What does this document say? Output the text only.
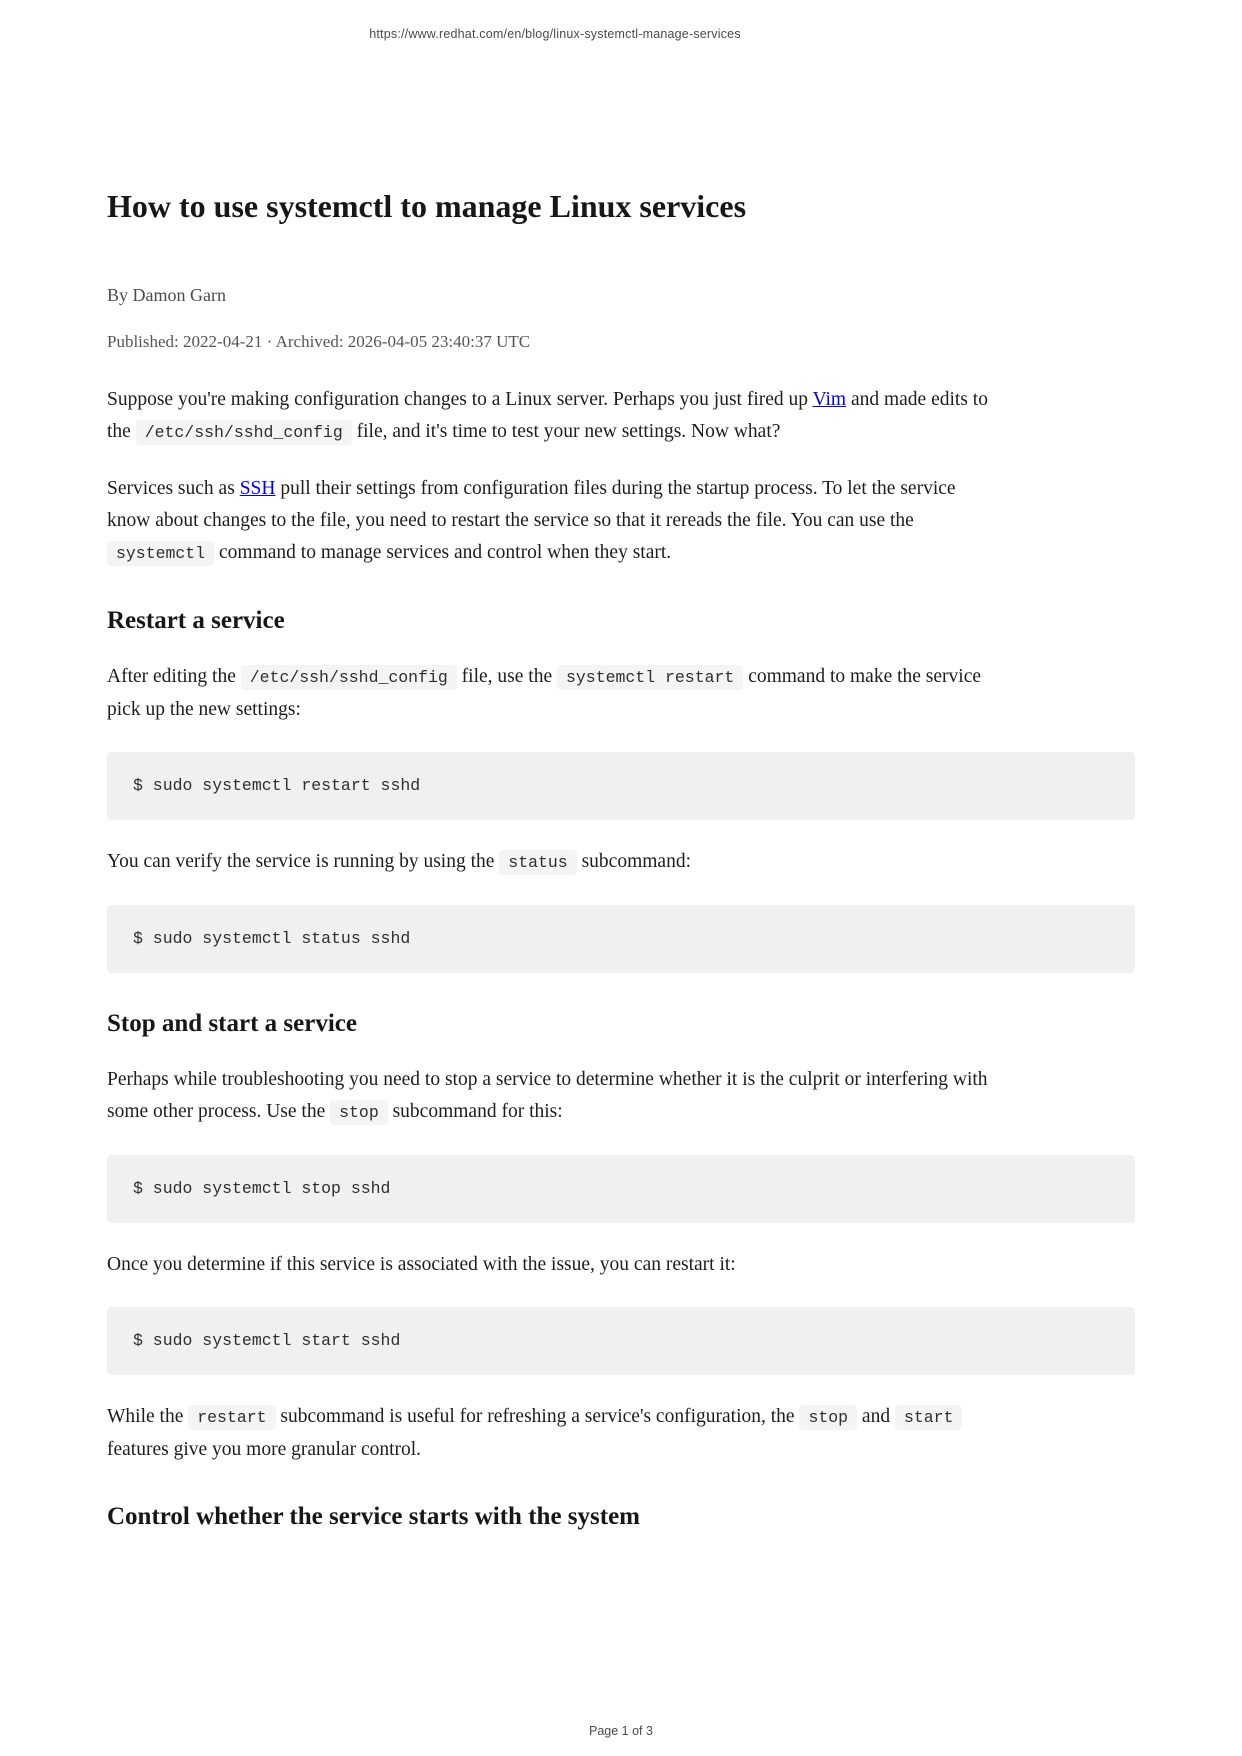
https://www.redhat.com/en/blog/linux-systemctl-manage-services
How to use systemctl to manage Linux services
By Damon Garn
Published: 2022-04-21 · Archived: 2026-04-05 23:40:37 UTC

Suppose you're making configuration changes to a Linux server. Perhaps you just fired up Vim and made edits to the /etc/ssh/sshd_config file, and it's time to test your new settings. Now what?

Services such as SSH pull their settings from configuration files during the startup process. To let the service know about changes to the file, you need to restart the service so that it rereads the file. You can use the systemctl command to manage services and control when they start.

Restart a service

After editing the /etc/ssh/sshd_config file, use the systemctl restart command to make the service pick up the new settings:

$ sudo systemctl restart sshd

You can verify the service is running by using the status subcommand:

$ sudo systemctl status sshd
Stop and start a service

Perhaps while troubleshooting you need to stop a service to determine whether it is the culprit or interfering with some other process. Use the stop subcommand for this:

$ sudo systemctl stop sshd

Once you determine if this service is associated with the issue, you can restart it:

$ sudo systemctl start sshd

While the restart subcommand is useful for refreshing a service's configuration, the stop and start features give you more granular control.

Control whether the service starts with the system
Page 1 of 3
